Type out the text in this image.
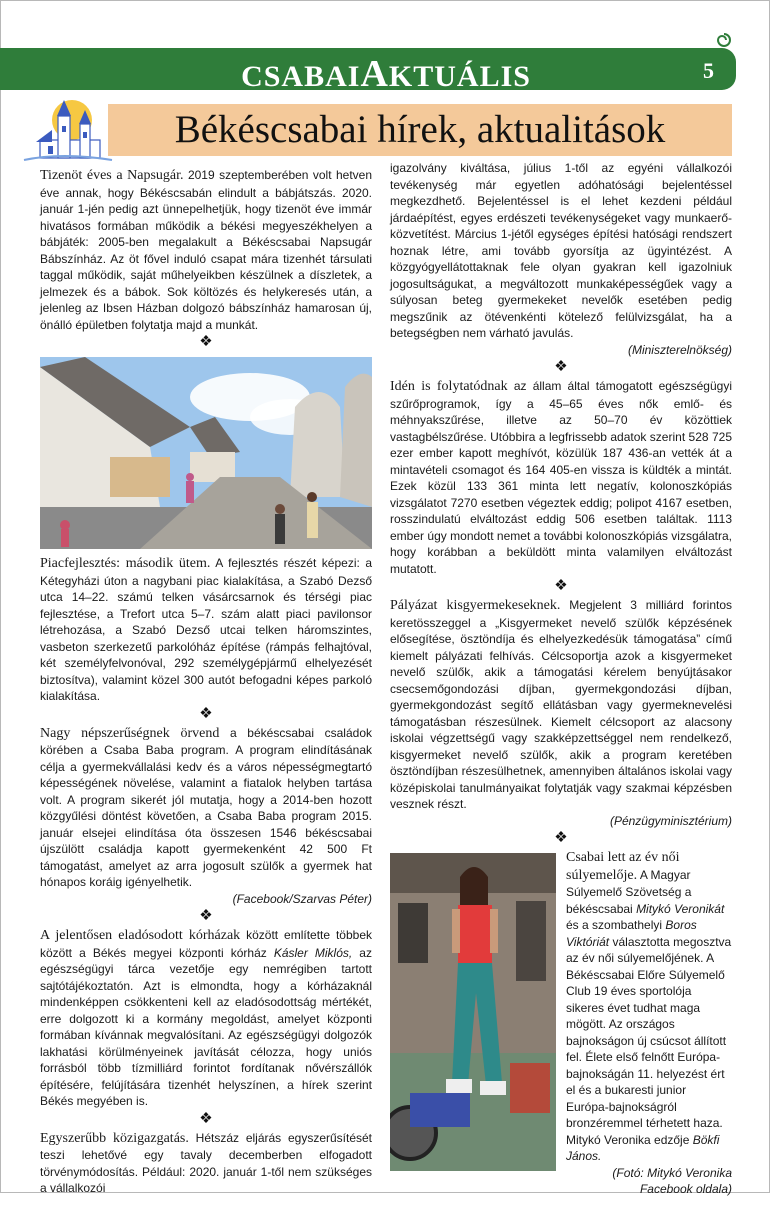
CSABAIAKTUÁLIS	5
Békéscsabai hírek, aktualitások

Tizenöt éves a Napsugár. 2019 szeptemberében volt hetven éve annak, hogy Békéscsabán elindult a bábjátszás. 2020. január 1-jén pedig azt ünnepelhetjük, hogy tizenöt éve immár hivatásos formában működik a békési megyeszékhelyen a bábjáték: 2005-ben megalakult a Békéscsabai Napsugár Bábszínház. Az öt fővel induló csapat mára tizenhét társulati taggal működik, saját műhelyeikben készülnek a díszletek, a jelmezek és a bábok. Sok költözés és helykeresés után, a jelenleg az Ibsen Házban dolgozó bábszínház hamarosan új, önálló épületben folytatja majd a munkát.

❖

Piacfejlesztés: második ütem. A fejlesztés részét képezi: a Kétegyházi úton a nagybani piac kialakítása, a Szabó Dezső utca 14–22. számú telken vásárcsarnok és térségi piac fejlesztése, a Trefort utca 5–7. szám alatt piaci pavilonsor létrehozása, a Szabó Dezső utcai telken háromszintes, vasbeton szerkezetű parkolóház építése (rámpás felhajtóval, két személyfelvonóval, 292 személygépjármű elhelyezését biztosítva), valamint közel 300 autót befogadni képes parkoló kialakítása.

❖

Nagy népszerűségnek örvend a békéscsabai családok körében a Csaba Baba program. A program elindításának célja a gyermekvállalási kedv és a város népességmegtartó képességének növelése, valamint a fiatalok helyben tartása volt. A program sikerét jól mutatja, hogy a 2014-ben hozott közgyűlési döntést követően, a Csaba Baba program 2015. január elsejei elindítása óta összesen 1546 békéscsabai újszülött családja kapott gyermekenként 42 500 Ft támogatást, amelyet az arra jogosult szülők a gyermek hat hónapos koráig igényelhetik.
(Facebook/Szarvas Péter)

❖

A jelentősen eladósodott kórházak között említette többek között a Békés megyei központi kórház Kásler Miklós, az egészségügyi tárca vezetője egy nemrégiben tartott sajtótájékoztatón. Azt is elmondta, hogy a kórházaknál mindenképpen csökkenteni kell az eladósodottság mértékét, erre dolgozott ki a kormány megoldást, amelyet központi formában kívánnak megvalósítani. Az egészségügyi dolgozók lakhatási körülményeinek javítását célozza, hogy uniós forrásból több tízmilliárd forintot fordítanak nővérszállók építésére, felújítására tizenhét helyszínen, a hírek szerint Békés megyében is.

❖

Egyszerűbb közigazgatás. Hétszáz eljárás egyszerűsítését teszi lehetővé egy tavaly decemberben elfogadott törvénymódosítás. Például: 2020. január 1-től nem szükséges a vállalkozói

igazolvány kiváltása, július 1-től az egyéni vállalkozói tevékenység már egyetlen adóhatósági bejelentéssel megkezdhető. Bejelentéssel is el lehet kezdeni például járdaépítést, egyes erdészeti tevékenységeket vagy munkaerő-közvetítést. Március 1-jétől egységes építési hatósági rendszert hoznak létre, ami tovább gyorsítja az ügyintézést. A közgyógyellátottaknak fele olyan gyakran kell igazolniuk jogosultságukat, a megváltozott munkaképességűek vagy a súlyosan beteg gyermekeket nevelők esetében pedig megszűnik az ötévenkénti kötelező felülvizsgálat, ha a betegségben nem várható javulás.
(Miniszterelnökség)

❖

Idén is folytatódnak az állam által támogatott egészségügyi szűrőprogramok, így a 45–65 éves nők emlő- és méhnyakszűrése, illetve az 50–70 év közöttiek vastagbélszűrése. Utóbbira a legfrissebb adatok szerint 528 725 ezer ember kapott meghívót, közülük 187 436-an vették át a mintavételi csomagot és 164 405-en vissza is küldték a mintát. Ezek közül 133 361 minta lett negatív, kolonoszkópiás vizsgálatot 7270 esetben végeztek eddig; polipot 4167 esetben, rosszindulatú elváltozást eddig 506 esetben találtak. 1113 ember úgy mondott nemet a további kolonoszkópiás vizsgálatra, hogy korábban a beküldött minta valamilyen elváltozást mutatott.

❖

Pályázat kisgyermekeseknek. Megjelent 3 milliárd forintos keretösszeggel a „Kisgyermeket nevelő szülők képzésének elősegítése, ösztöndíja és elhelyezkedésük támogatása” című kiemelt pályázati felhívás. Célcsoportja azok a kisgyermeket nevelő szülők, akik a támogatási kérelem benyújtásakor csecsemőgondozási díjban, gyermekgondozási díjban, gyermekgondozást segítő ellátásban vagy gyermeknevelési támogatásban részesülnek. Kiemelt célcsoport az alacsony iskolai végzettségű vagy szakképzettséggel nem rendelkező, kisgyermeket nevelő szülők, akik a program keretében ösztöndíjban részesülhetnek, amennyiben általános iskolai vagy középiskolai tanulmányaikat folytatják vagy szakmai képzésben vesznek részt.
(Pénzügyminisztérium)

❖

Csabai lett az év női súlyemelője. A Magyar Súlyemelő Szövetség a békéscsabai Mitykó Veronikát és a szombathelyi Boros Viktóriát választotta megosztva az év női súlyemelőjének. A Békéscsabai Előre Súlyemelő Club 19 éves sportolója sikeres évet tudhat maga mögött. Az országos bajnokságon új csúcsot állított fel. Élete első felnőtt Európa-bajnokságán 11. helyezést ért el és a bukaresti junior Európa-bajnokságról bronzéremmel térhetett haza. Mitykó Veronika edzője Bökfi János.

(Fotó: Mitykó Veronika Facebook oldala)
